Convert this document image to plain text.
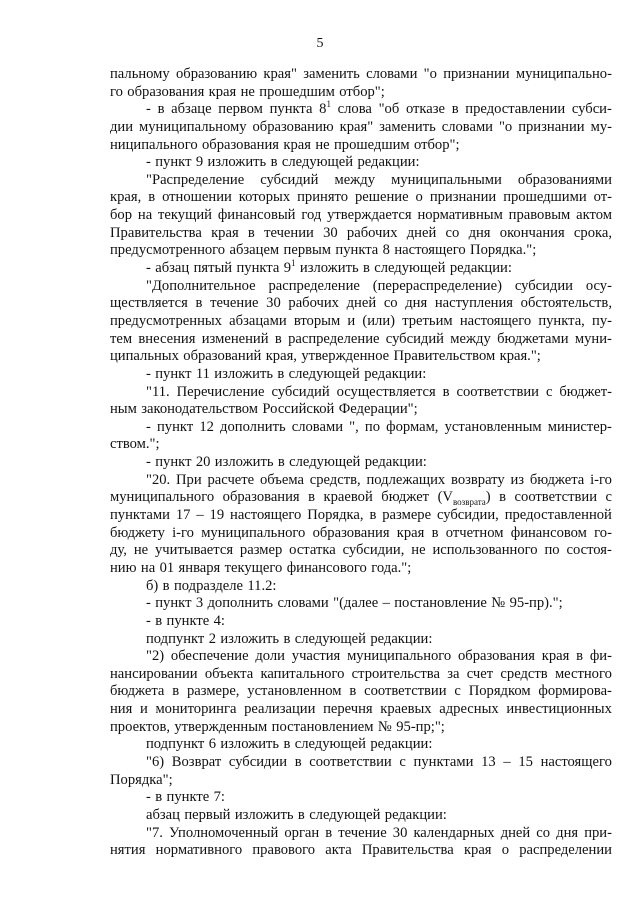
5
пальному образованию края" заменить словами "о признании муниципально-
го образования края не прошедшим отбор";
- в абзаце первом пункта $8^1$ слова "об отказе в предоставлении субси-
дии муниципальному образованию края" заменить словами "о признании му-
ниципального образования края не прошедшим отбор";
- пункт 9 изложить в следующей редакции:
"Распределение субсидий между муниципальными образованиями
края, в отношении которых принято решение о признании прошедшими от-
бор на текущий финансовый год утверждается нормативным правовым актом
Правительства края в течении 30 рабочих дней со дня окончания срока,
предусмотренного абзацем первым пункта 8 настоящего Порядка.";
- абзац пятый пункта $9^1$ изложить в следующей редакции:
"Дополнительное распределение (перераспределение) субсидии осу-
ществляется в течение 30 рабочих дней со дня наступления обстоятельств,
предусмотренных абзацами вторым и (или) третьим настоящего пункта, пу-
тем внесения изменений в распределение субсидий между бюджетами муни-
ципальных образований края, утвержденное Правительством края.";
- пункт 11 изложить в следующей редакции:
"11. Перечисление субсидий осуществляется в соответствии с бюджет-
ным законодательством Российской Федерации";
- пункт 12 дополнить словами ", по формам, установленным министер-
ством.";
- пункт 20 изложить в следующей редакции:
"20. При расчете объема средств, подлежащих возврату из бюджета i-го
муниципального образования в краевой бюджет $(V_{возврата})$ в соответствии с
пунктами 17 – 19 настоящего Порядка, в размере субсидии, предоставленной
бюджету i-го муниципального образования края в отчетном финансовом го-
ду, не учитывается размер остатка субсидии, не использованного по состоя-
нию на 01 января текущего финансового года.";
б) в подразделе 11.2:
- пункт 3 дополнить словами "(далее – постановление № 95-пр).";
- в пункте 4:
подпункт 2 изложить в следующей редакции:
"2) обеспечение доли участия муниципального образования края в фи-
нансировании объекта капитального строительства за счет средств местного
бюджета в размере, установленном в соответствии с Порядком формирова-
ния и мониторинга реализации перечня краевых адресных инвестиционных
проектов, утвержденным постановлением № 95-пр;";
подпункт 6 изложить в следующей редакции:
"6) Возврат субсидии в соответствии с пунктами 13 – 15 настоящего
Порядка";
- в пункте 7:
абзац первый изложить в следующей редакции:
"7. Уполномоченный орган в течение 30 календарных дней со дня при-
нятия нормативного правового акта Правительства края о распределении
